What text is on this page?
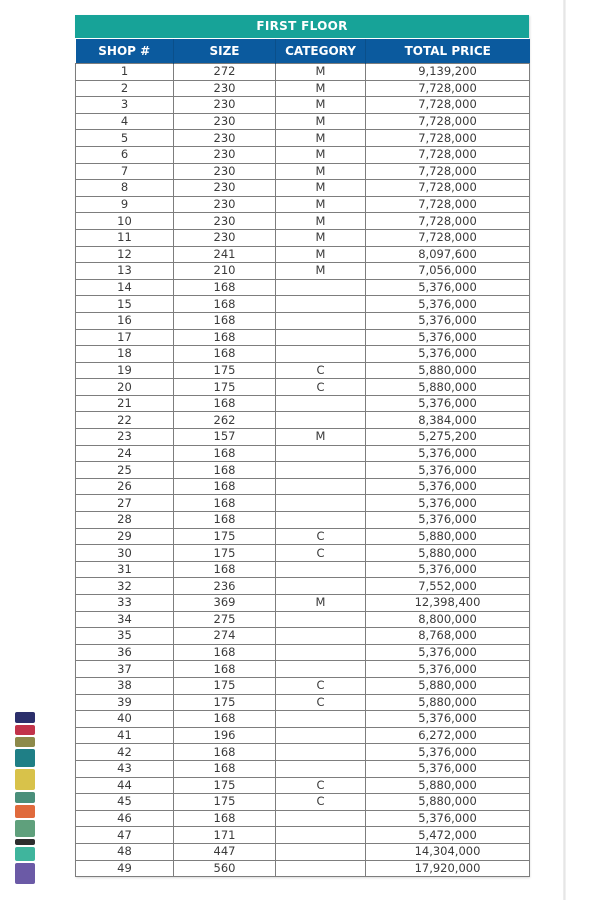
FIRST FLOOR
SHOP #	SIZE	CATEGORY	TOTAL PRICE
1	272	M	9,139,200
2	230	M	7,728,000
3	230	M	7,728,000
4	230	M	7,728,000
5	230	M	7,728,000
6	230	M	7,728,000
7	230	M	7,728,000
8	230	M	7,728,000
9	230	M	7,728,000
10	230	M	7,728,000
11	230	M	7,728,000
12	241	M	8,097,600
13	210	M	7,056,000
14	168		5,376,000
15	168		5,376,000
16	168		5,376,000
17	168		5,376,000
18	168		5,376,000
19	175	C	5,880,000
20	175	C	5,880,000
21	168		5,376,000
22	262		8,384,000
23	157	M	5,275,200
24	168		5,376,000
25	168		5,376,000
26	168		5,376,000
27	168		5,376,000
28	168		5,376,000
29	175	C	5,880,000
30	175	C	5,880,000
31	168		5,376,000
32	236		7,552,000
33	369	M	12,398,400
34	275		8,800,000
35	274		8,768,000
36	168		5,376,000
37	168		5,376,000
38	175	C	5,880,000
39	175	C	5,880,000
40	168		5,376,000
41	196		6,272,000
42	168		5,376,000
43	168		5,376,000
44	175	C	5,880,000
45	175	C	5,880,000
46	168		5,376,000
47	171		5,472,000
48	447		14,304,000
49	560		17,920,000
